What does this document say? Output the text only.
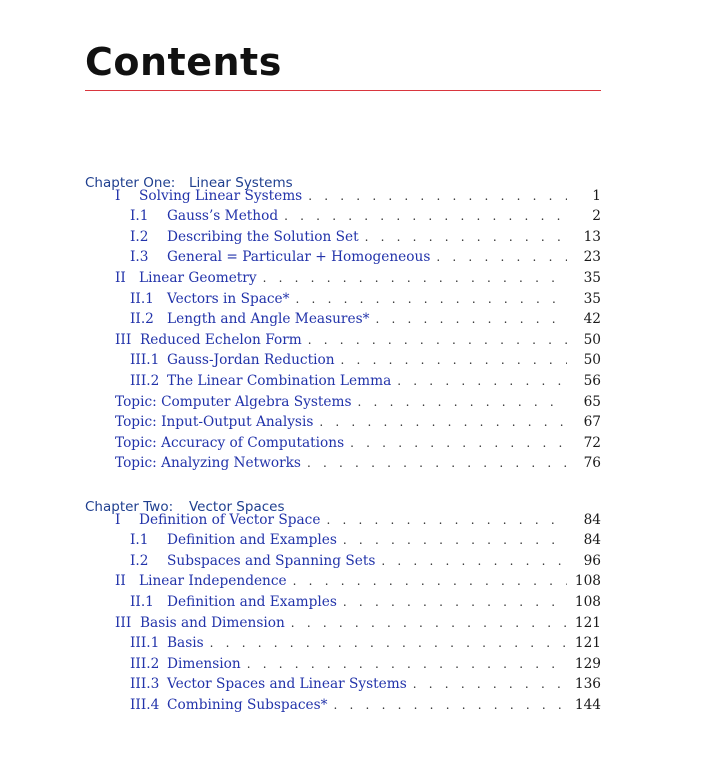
Contents
Chapter One: Linear Systems
I	Solving Linear Systems . . .	1
I.1	Gauss’s Method . . .	2
I.2	Describing the Solution Set . . .	13
I.3	General = Particular + Homogeneous . . .	23
II Linear Geometry . . .	35
II.1 Vectors in Space* . . .	35
II.2 Length and Angle Measures* . . .	42
III Reduced Echelon Form . . .	50
III.1 Gauss-Jordan Reduction . . .	50
III.2 The Linear Combination Lemma . . .	56
Topic: Computer Algebra Systems . . .	65
Topic: Input-Output Analysis . . .	67
Topic: Accuracy of Computations . . .	72
Topic: Analyzing Networks . . .	76
Chapter Two: Vector Spaces
I	Definition of Vector Space . . .	84
I.1	Definition and Examples . . .	84
I.2	Subspaces and Spanning Sets . . .	96
II Linear Independence . . .	108
II.1 Definition and Examples . . .	108
III Basis and Dimension . . .	121
III.1 Basis . . .	121
III.2 Dimension . . .	129
III.3 Vector Spaces and Linear Systems . . .	136
III.4 Combining Subspaces* . . .	144
